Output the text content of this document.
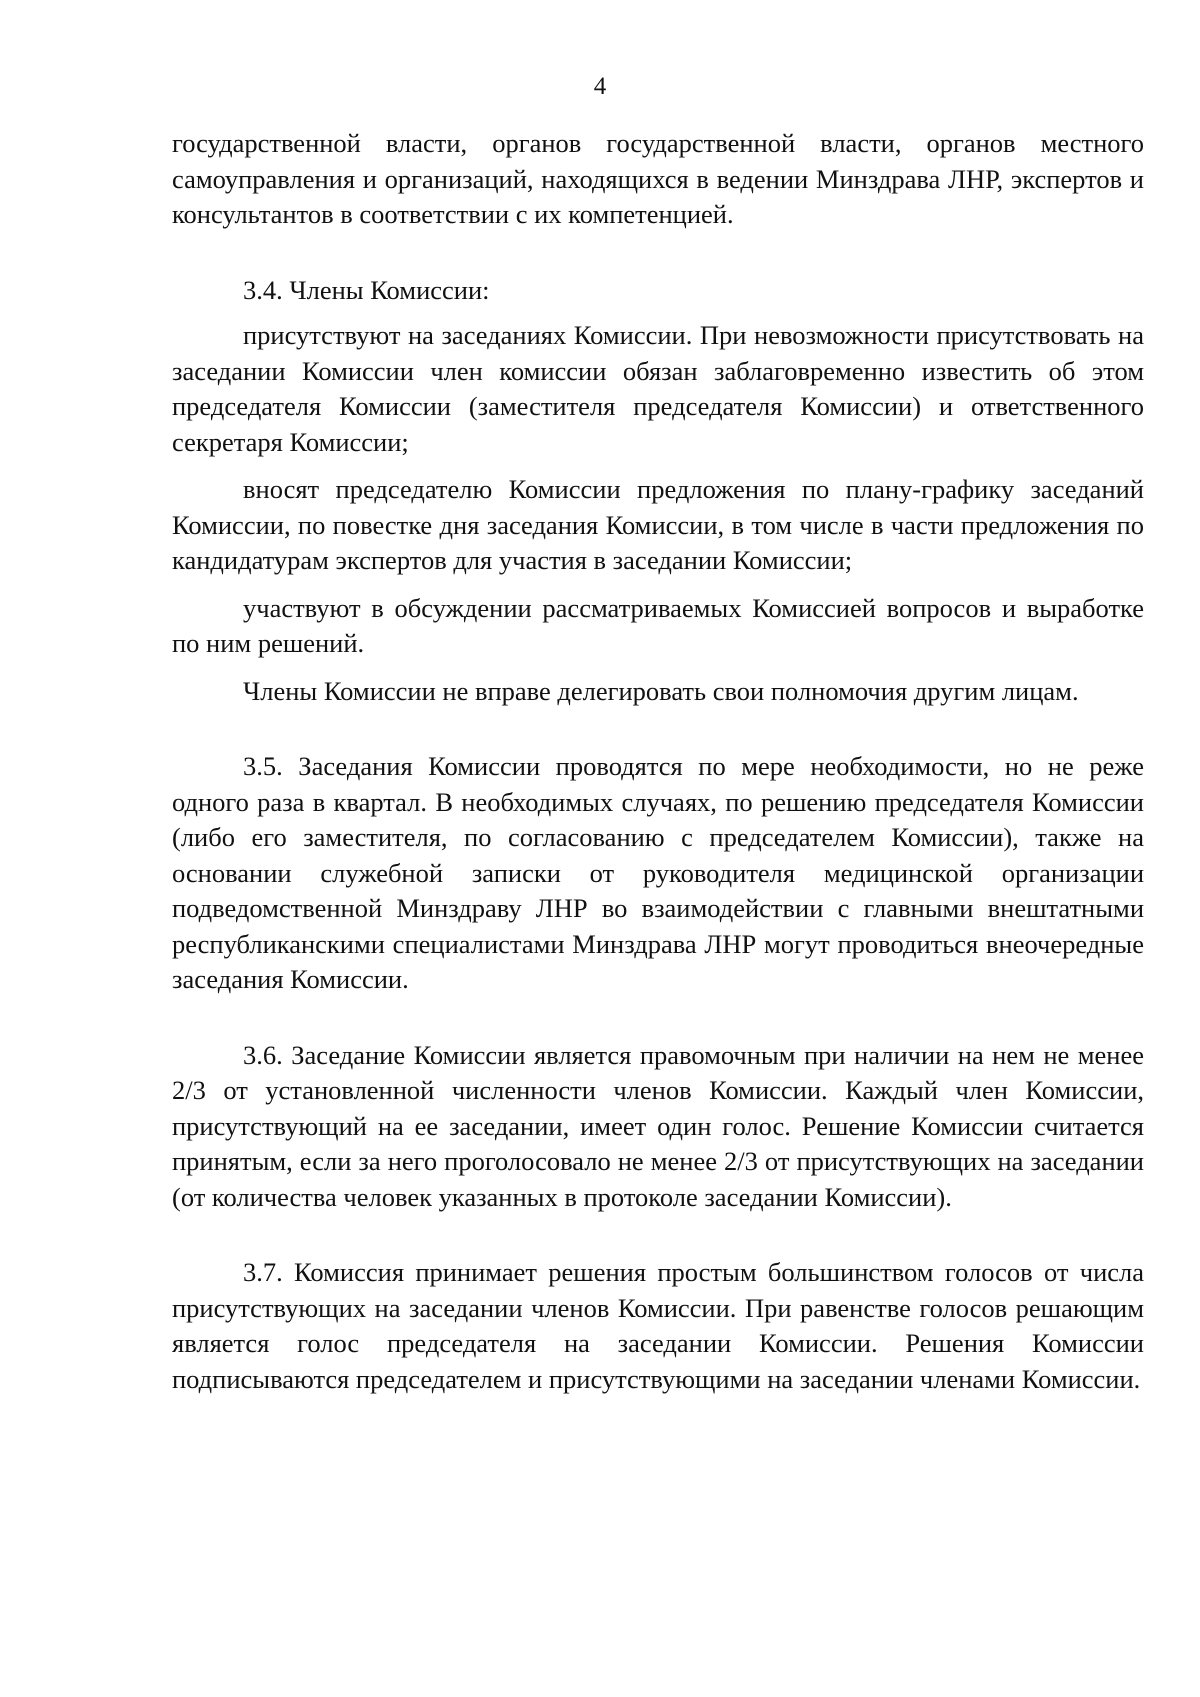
4

государственной власти, органов государственной власти, органов местного самоуправления и организаций, находящихся в ведении Минздрава ЛНР, экспертов и консультантов в соответствии с их компетенцией.

3.4. Члены Комиссии:

присутствуют на заседаниях Комиссии. При невозможности присутствовать на заседании Комиссии член комиссии обязан заблаговременно известить об этом председателя Комиссии (заместителя председателя Комиссии) и ответственного секретаря Комиссии;

вносят председателю Комиссии предложения по плану-графику заседаний Комиссии, по повестке дня заседания Комиссии, в том числе в части предложения по кандидатурам экспертов для участия в заседании Комиссии;

участвуют в обсуждении рассматриваемых Комиссией вопросов и выработке по ним решений.

Члены Комиссии не вправе делегировать свои полномочия другим лицам.

3.5. Заседания Комиссии проводятся по мере необходимости, но не реже одного раза в квартал. В необходимых случаях, по решению председателя Комиссии (либо его заместителя, по согласованию с председателем Комиссии), также на основании служебной записки от руководителя медицинской организации подведомственной Минздраву ЛНР во взаимодействии с главными внештатными республиканскими специалистами Минздрава ЛНР могут проводиться внеочередные заседания Комиссии.

3.6. Заседание Комиссии является правомочным при наличии на нем не менее 2/3 от установленной численности членов Комиссии. Каждый член Комиссии, присутствующий на ее заседании, имеет один голос. Решение Комиссии считается принятым, если за него проголосовало не менее 2/3 от присутствующих на заседании (от количества человек указанных в протоколе заседании Комиссии).

3.7. Комиссия принимает решения простым большинством голосов от числа присутствующих на заседании членов Комиссии. При равенстве голосов решающим является голос председателя на заседании Комиссии. Решения Комиссии подписываются председателем и присутствующими на заседании членами Комиссии.
